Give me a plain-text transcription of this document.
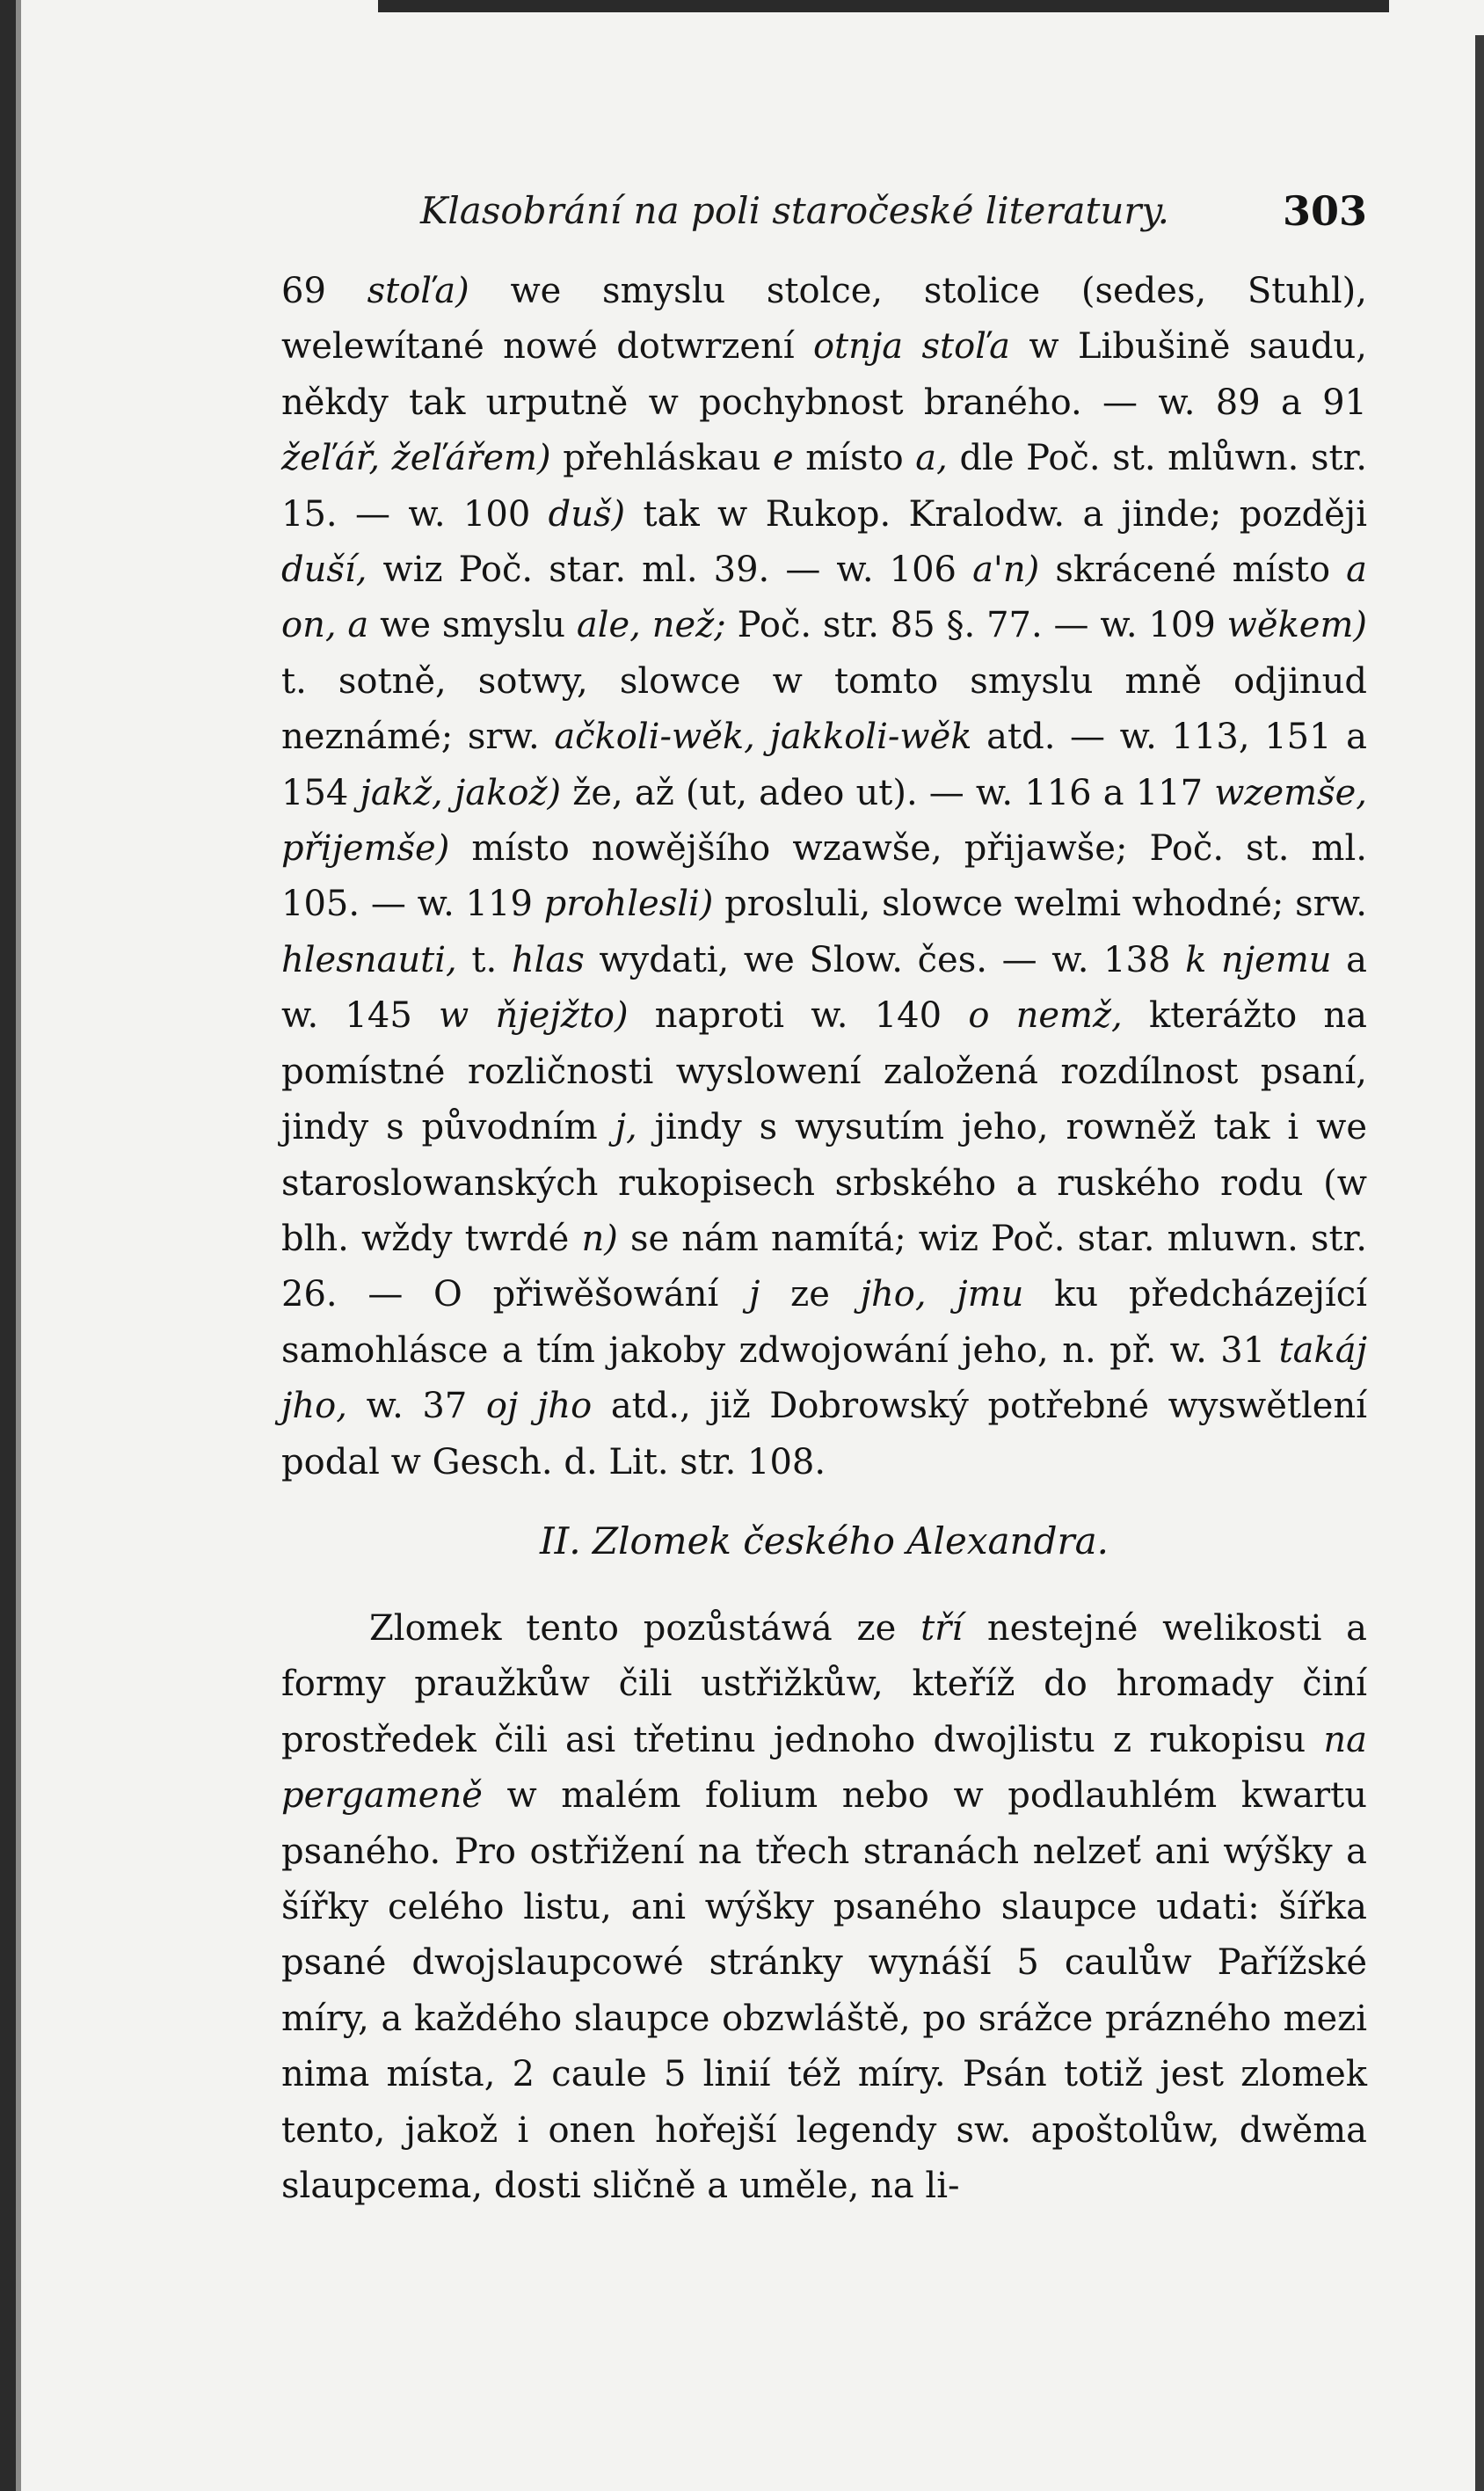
Klasobrání na poli staročeské literatury.	303

69 stoľa) we smyslu stolce, stolice (sedes, Stuhl), welewítané nowé dotwrzení otnja stoľa w Libušině saudu, někdy tak urputně w pochybnost braného. — w. 89 a 91 žeľář, žeľářem) přehláskau e místo a, dle Poč. st. mlůwn. str. 15. — w. 100 duš) tak w Rukop. Kralodw. a jinde; později duší, wiz Poč. star. ml. 39. — w. 106 a'n) skrácené místo a on, a we smyslu ale, než; Poč. str. 85 §. 77. — w. 109 wěkem) t. sotně, sotwy, slowce w tomto smyslu mně odjinud neznámé; srw. ačkoli-wěk, jakkoli-wěk atd. — w. 113, 151 a 154 jakž, jakož) že, až (ut, adeo ut). — w. 116 a 117 wzemše, přijemše) místo nowějšího wzawše, přijawše; Poč. st. ml. 105. — w. 119 prohlesli) prosluli, slowce welmi whodné; srw. hlesnauti, t. hlas wydati, we Slow. čes. — w. 138 k njemu a w. 145 w ňjejžto) naproti w. 140 o nemž, kterážto na pomístné rozličnosti wyslowení založená rozdílnost psaní, jindy s původním j, jindy s wysutím jeho, rowněž tak i we staroslowanských rukopisech srbského a ruského rodu (w blh. wždy twrdé n) se nám namítá; wiz Poč. star. mluwn. str. 26. — O přiwěšowání j ze jho, jmu ku předcházející samohlásce a tím jakoby zdwojowání jeho, n. př. w. 31 takáj jho, w. 37 oj jho atd., již Dobrowský potřebné wyswětlení podal w Gesch. d. Lit. str. 108.

II. Zlomek českého Alexandra.

Zlomek tento pozůstáwá ze tří nestejné welikosti a formy praužkůw čili ustřižkůw, kteříž do hromady činí prostředek čili asi třetinu jednoho dwojlistu z rukopisu na pergameně w malém folium nebo w podlauhlém kwartu psaného. Pro ostřižení na třech stranách nelzeť ani wýšky a šířky celého listu, ani wýšky psaného slaupce udati: šířka psané dwojslaupcowé stránky wynáší 5 caulůw Pařížské míry, a každého slaupce obzwláště, po srážce prázného mezi nima místa, 2 caule 5 linií též míry. Psán totiž jest zlomek tento, jakož i onen hořejší legendy sw. apoštolůw, dwěma slaupcema, dosti sličně a uměle, na li-
